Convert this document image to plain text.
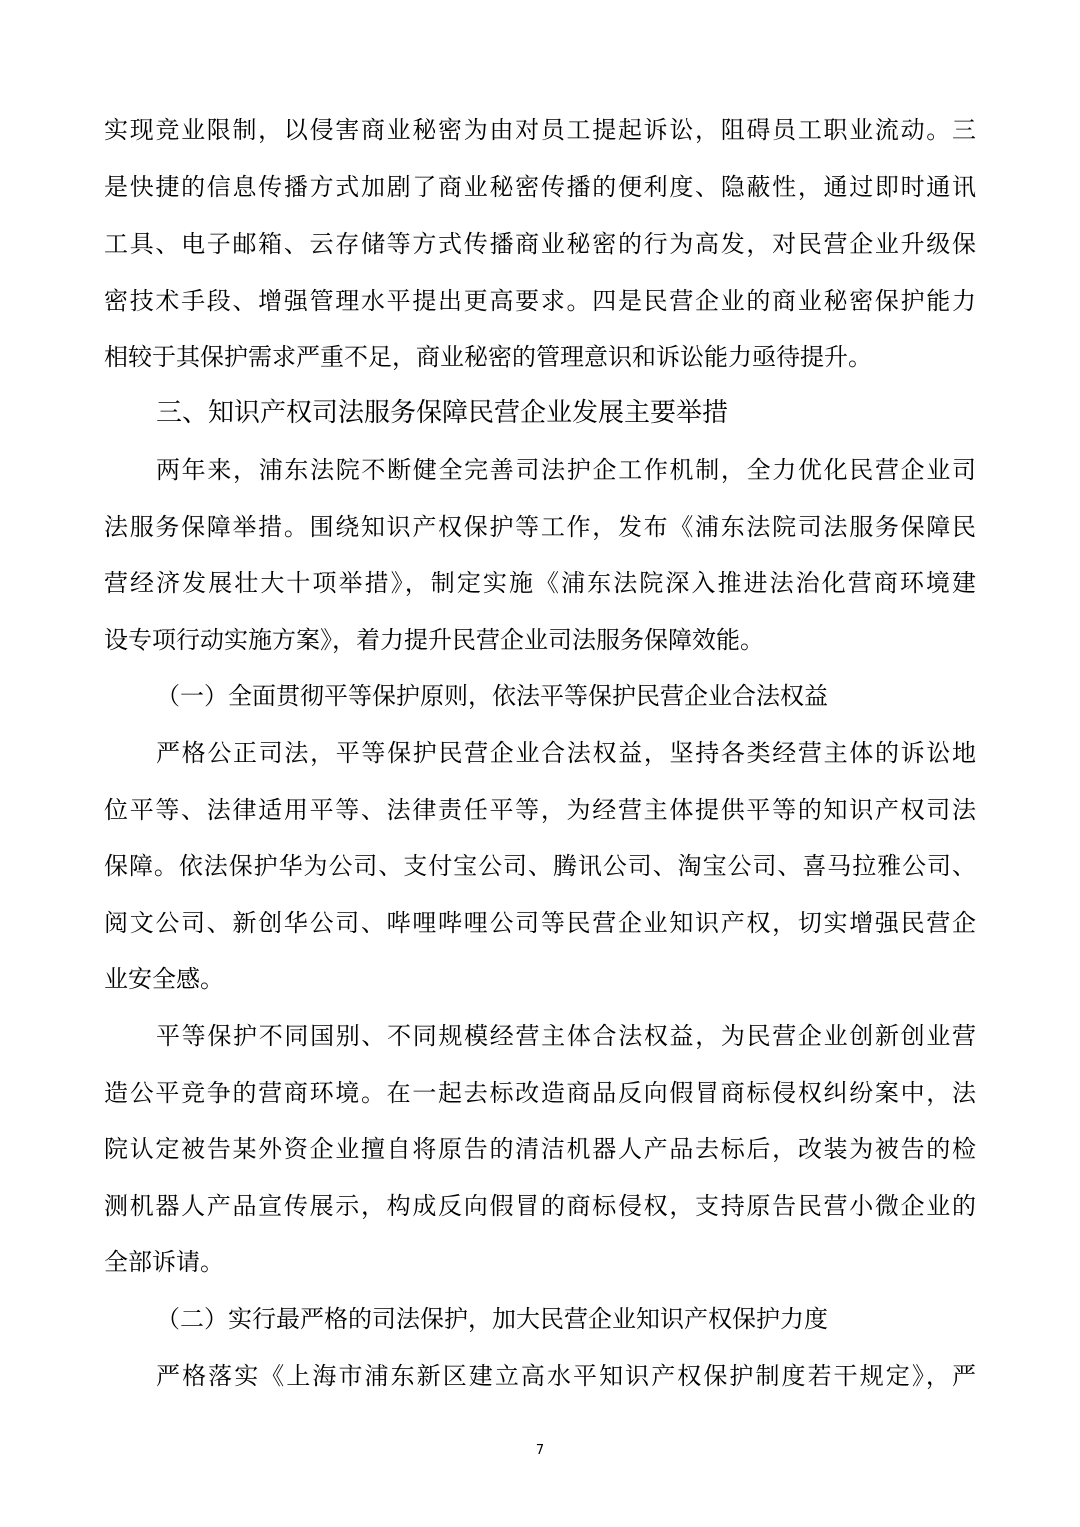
实现竞业限制，以侵害商业秘密为由对员工提起诉讼，阻碍员工职业流动。三
是快捷的信息传播方式加剧了商业秘密传播的便利度、隐蔽性，通过即时通讯
工具、电子邮箱、云存储等方式传播商业秘密的行为高发，对民营企业升级保
密技术手段、增强管理水平提出更高要求。四是民营企业的商业秘密保护能力
相较于其保护需求严重不足，商业秘密的管理意识和诉讼能力亟待提升。
三、知识产权司法服务保障民营企业发展主要举措
两年来，浦东法院不断健全完善司法护企工作机制，全力优化民营企业司
法服务保障举措。围绕知识产权保护等工作，发布《浦东法院司法服务保障民
营经济发展壮大十项举措》，制定实施《浦东法院深入推进法治化营商环境建
设专项行动实施方案》，着力提升民营企业司法服务保障效能。
（一）全面贯彻平等保护原则，依法平等保护民营企业合法权益
严格公正司法，平等保护民营企业合法权益，坚持各类经营主体的诉讼地
位平等、法律适用平等、法律责任平等，为经营主体提供平等的知识产权司法
保障。依法保护华为公司、支付宝公司、腾讯公司、淘宝公司、喜马拉雅公司、
阅文公司、新创华公司、哔哩哔哩公司等民营企业知识产权，切实增强民营企
业安全感。
平等保护不同国别、不同规模经营主体合法权益，为民营企业创新创业营
造公平竞争的营商环境。在一起去标改造商品反向假冒商标侵权纠纷案中，法
院认定被告某外资企业擅自将原告的清洁机器人产品去标后，改装为被告的检
测机器人产品宣传展示，构成反向假冒的商标侵权，支持原告民营小微企业的
全部诉请。
（二）实行最严格的司法保护，加大民营企业知识产权保护力度
严格落实《上海市浦东新区建立高水平知识产权保护制度若干规定》，严
7
